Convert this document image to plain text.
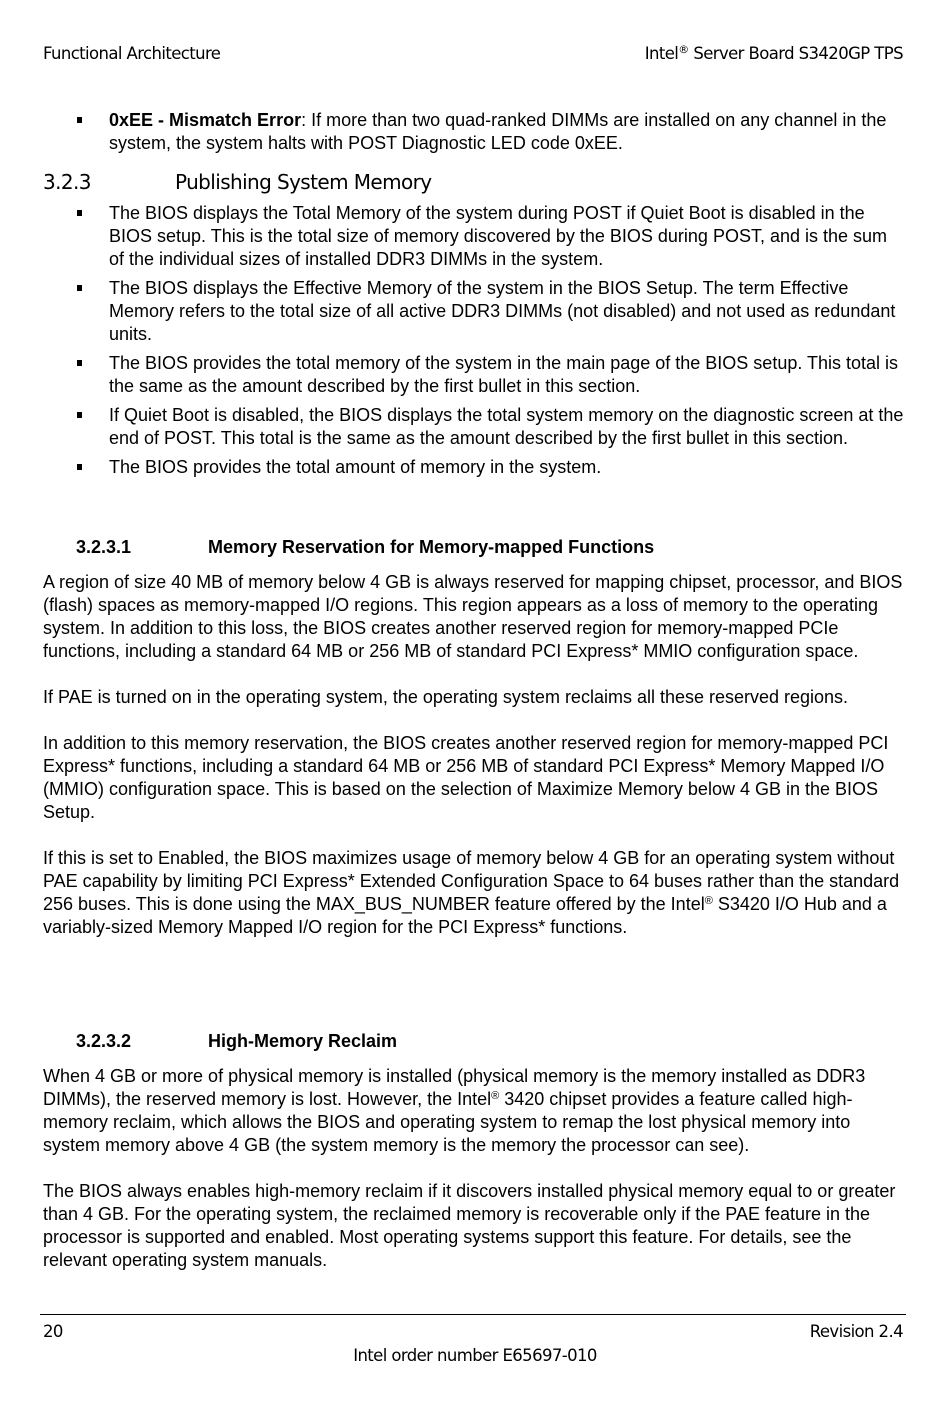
Functional Architecture	Intel® Server Board S3420GP TPS
0xEE - Mismatch Error: If more than two quad-ranked DIMMs are installed on any channel in the system, the system halts with POST Diagnostic LED code 0xEE.
3.2.3	Publishing System Memory
The BIOS displays the Total Memory of the system during POST if Quiet Boot is disabled in the BIOS setup. This is the total size of memory discovered by the BIOS during POST, and is the sum of the individual sizes of installed DDR3 DIMMs in the system.
The BIOS displays the Effective Memory of the system in the BIOS Setup. The term Effective Memory refers to the total size of all active DDR3 DIMMs (not disabled) and not used as redundant units.
The BIOS provides the total memory of the system in the main page of the BIOS setup. This total is the same as the amount described by the first bullet in this section.
If Quiet Boot is disabled, the BIOS displays the total system memory on the diagnostic screen at the end of POST. This total is the same as the amount described by the first bullet in this section.
The BIOS provides the total amount of memory in the system.
3.2.3.1	Memory Reservation for Memory-mapped Functions

A region of size 40 MB of memory below 4 GB is always reserved for mapping chipset, processor, and BIOS (flash) spaces as memory-mapped I/O regions. This region appears as a loss of memory to the operating system. In addition to this loss, the BIOS creates another reserved region for memory-mapped PCIe functions, including a standard 64 MB or 256 MB of standard PCI Express* MMIO configuration space.

If PAE is turned on in the operating system, the operating system reclaims all these reserved regions.

In addition to this memory reservation, the BIOS creates another reserved region for memory-mapped PCI Express* functions, including a standard 64 MB or 256 MB of standard PCI Express* Memory Mapped I/O (MMIO) configuration space. This is based on the selection of Maximize Memory below 4 GB in the BIOS Setup.

If this is set to Enabled, the BIOS maximizes usage of memory below 4 GB for an operating system without PAE capability by limiting PCI Express* Extended Configuration Space to 64 buses rather than the standard 256 buses. This is done using the MAX_BUS_NUMBER feature offered by the Intel® S3420 I/O Hub and a variably-sized Memory Mapped I/O region for the PCI Express* functions.

3.2.3.2	High-Memory Reclaim

When 4 GB or more of physical memory is installed (physical memory is the memory installed as DDR3 DIMMs), the reserved memory is lost. However, the Intel® 3420 chipset provides a feature called high-memory reclaim, which allows the BIOS and operating system to remap the lost physical memory into system memory above 4 GB (the system memory is the memory the processor can see).

The BIOS always enables high-memory reclaim if it discovers installed physical memory equal to or greater than 4 GB. For the operating system, the reclaimed memory is recoverable only if the PAE feature in the processor is supported and enabled. Most operating systems support this feature. For details, see the relevant operating system manuals.

20	Revision 2.4
Intel order number E65697-010
